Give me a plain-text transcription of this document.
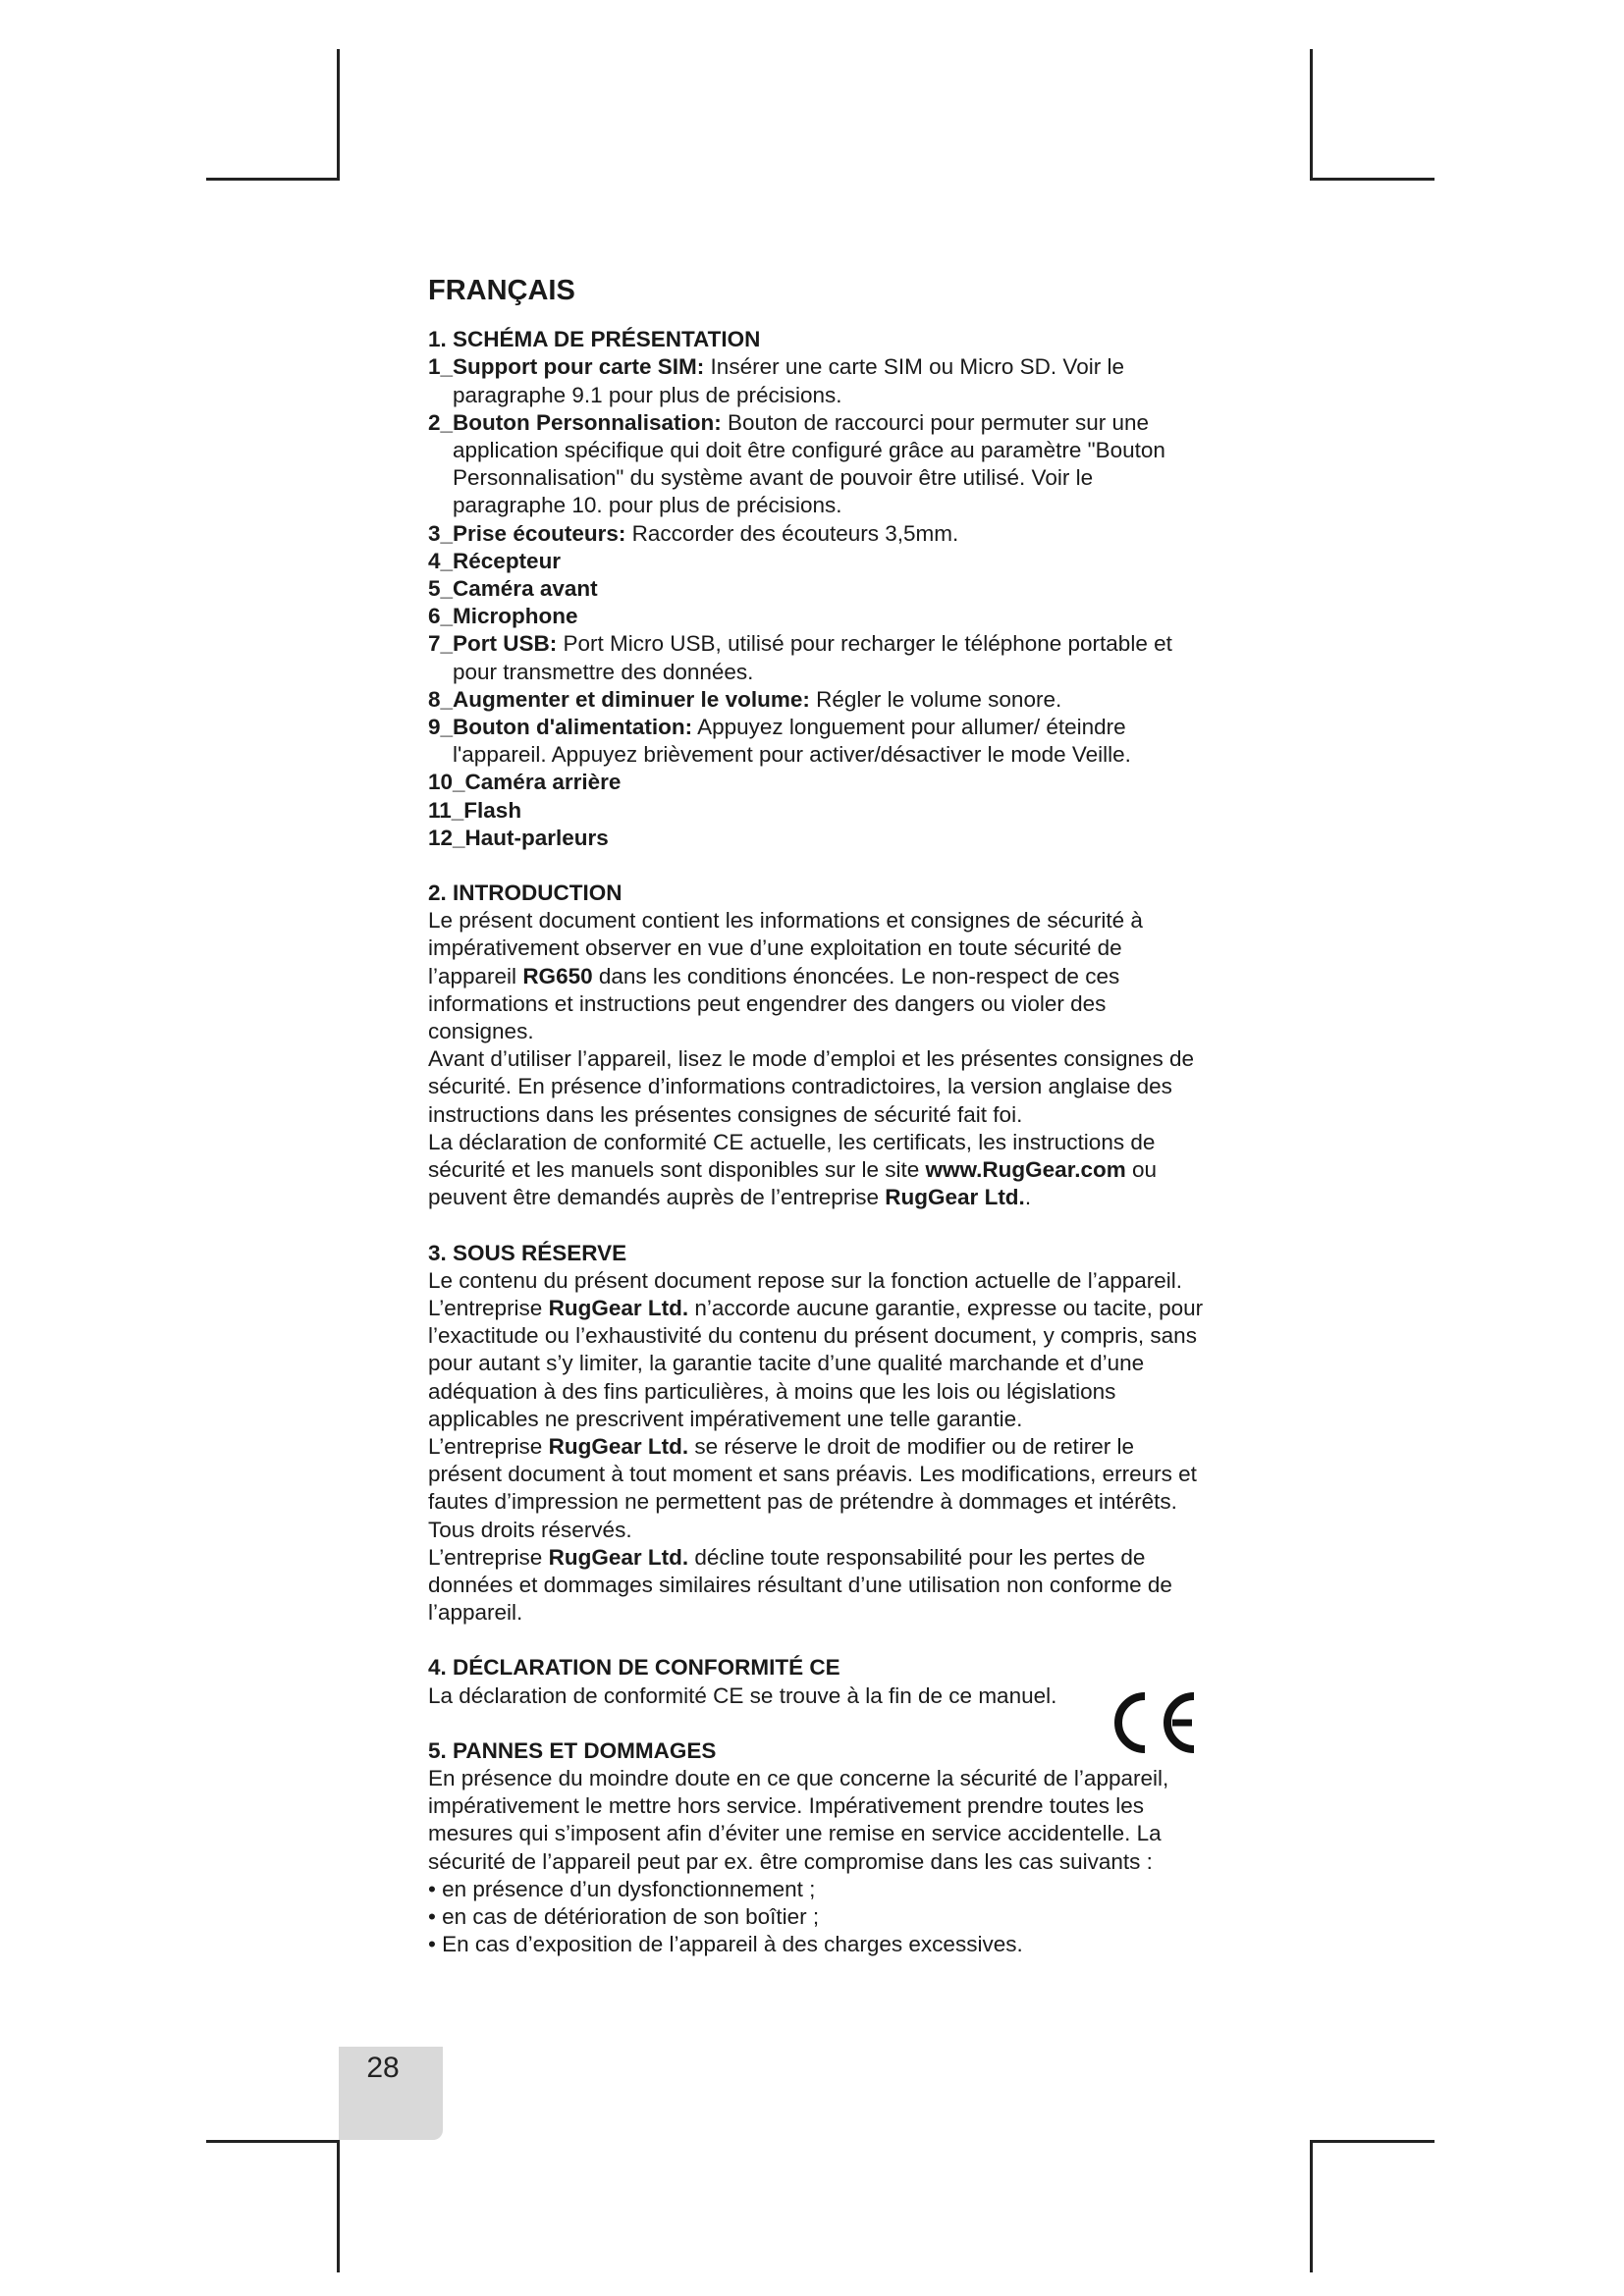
28
FRANÇAIS
1. SCHÉMA DE PRÉSENTATION

1_Support pour carte SIM: Insérer une carte SIM ou Micro SD. Voir le paragraphe 9.1 pour plus de précisions.

2_Bouton Personnalisation: Bouton de raccourci pour permuter sur une application spécifique qui doit être configuré grâce au paramètre "Bouton Personnalisation" du système avant de pouvoir être utilisé. Voir le paragraphe 10. pour plus de précisions.

3_Prise écouteurs: Raccorder des écouteurs 3,5mm.

4_Récepteur

5_Caméra avant

6_Microphone

7_Port USB: Port Micro USB, utilisé pour recharger le téléphone portable et pour transmettre des données.

8_Augmenter et diminuer le volume: Régler le volume sonore.

9_Bouton d'alimentation: Appuyez longuement pour allumer/ éteindre l'appareil. Appuyez brièvement pour activer/désactiver le mode Veille.

10_Caméra arrière

11_Flash

12_Haut-parleurs

2. INTRODUCTION

Le présent document contient les informations et consignes de sécurité à impérativement observer en vue d’une exploitation en toute sécurité de l’appareil RG650 dans les conditions énoncées. Le non-respect de ces informations et instructions peut engendrer des dangers ou violer des consignes.

Avant d’utiliser l’appareil, lisez le mode d’emploi et les présentes consignes de sécurité. En présence d’informations contradictoires, la version anglaise des instructions dans les présentes consignes de sécurité fait foi.

La déclaration de conformité CE actuelle, les certificats, les instructions de sécurité et les manuels sont disponibles sur le site www.RugGear.com ou peuvent être demandés auprès de l’entreprise RugGear Ltd..

3. SOUS RÉSERVE

Le contenu du présent document repose sur la fonction actuelle de l’appareil. L’entreprise RugGear Ltd. n’accorde aucune garantie, expresse ou tacite, pour l’exactitude ou l’exhaustivité du contenu du présent document, y compris, sans pour autant s’y limiter, la garantie tacite d’une qualité marchande et d’une adéquation à des fins particulières, à moins que les lois ou législations applicables ne prescrivent impérativement une telle garantie.

L’entreprise RugGear Ltd. se réserve le droit de modifier ou de retirer le présent document à tout moment et sans préavis. Les modifications, erreurs et fautes d’impression ne permettent pas de prétendre à dommages et intérêts. Tous droits réservés.

L’entreprise RugGear Ltd. décline toute responsabilité pour les pertes de données et dommages similaires résultant d’une utilisation non conforme de l’appareil.

4. DÉCLARATION DE CONFORMITÉ CE

La déclaration de conformité CE se trouve à la fin de ce manuel.

5. PANNES ET DOMMAGES

En présence du moindre doute en ce que concerne la sécurité de l’appareil, impérativement le mettre hors service. Impérativement prendre toutes les mesures qui s’imposent afin d’éviter une remise en service accidentelle. La sécurité de l’appareil peut par ex. être compromise dans les cas suivants :

• en présence d’un dysfonctionnement ;

• en cas de détérioration de son boîtier ;

• En cas d’exposition de l’appareil à des charges excessives.
